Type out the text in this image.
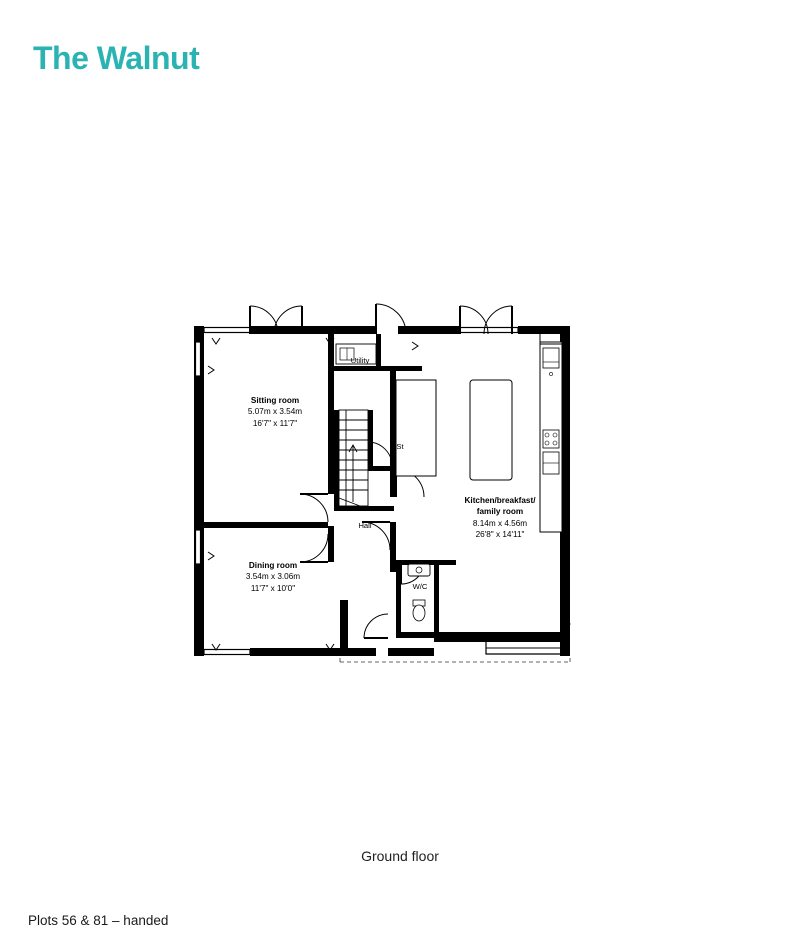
The Walnut
Sitting room
5.07m x 3.54m
16'7" x 11'7"
Dining room
3.54m x 3.06m
11'7" x 10'0"
Kitchen/breakfast/
family room
8.14m x 4.56m
26'8" x 14'11"
Utility
St
Hall
W/C
Ground floor
Plots 56 & 81 – handed
